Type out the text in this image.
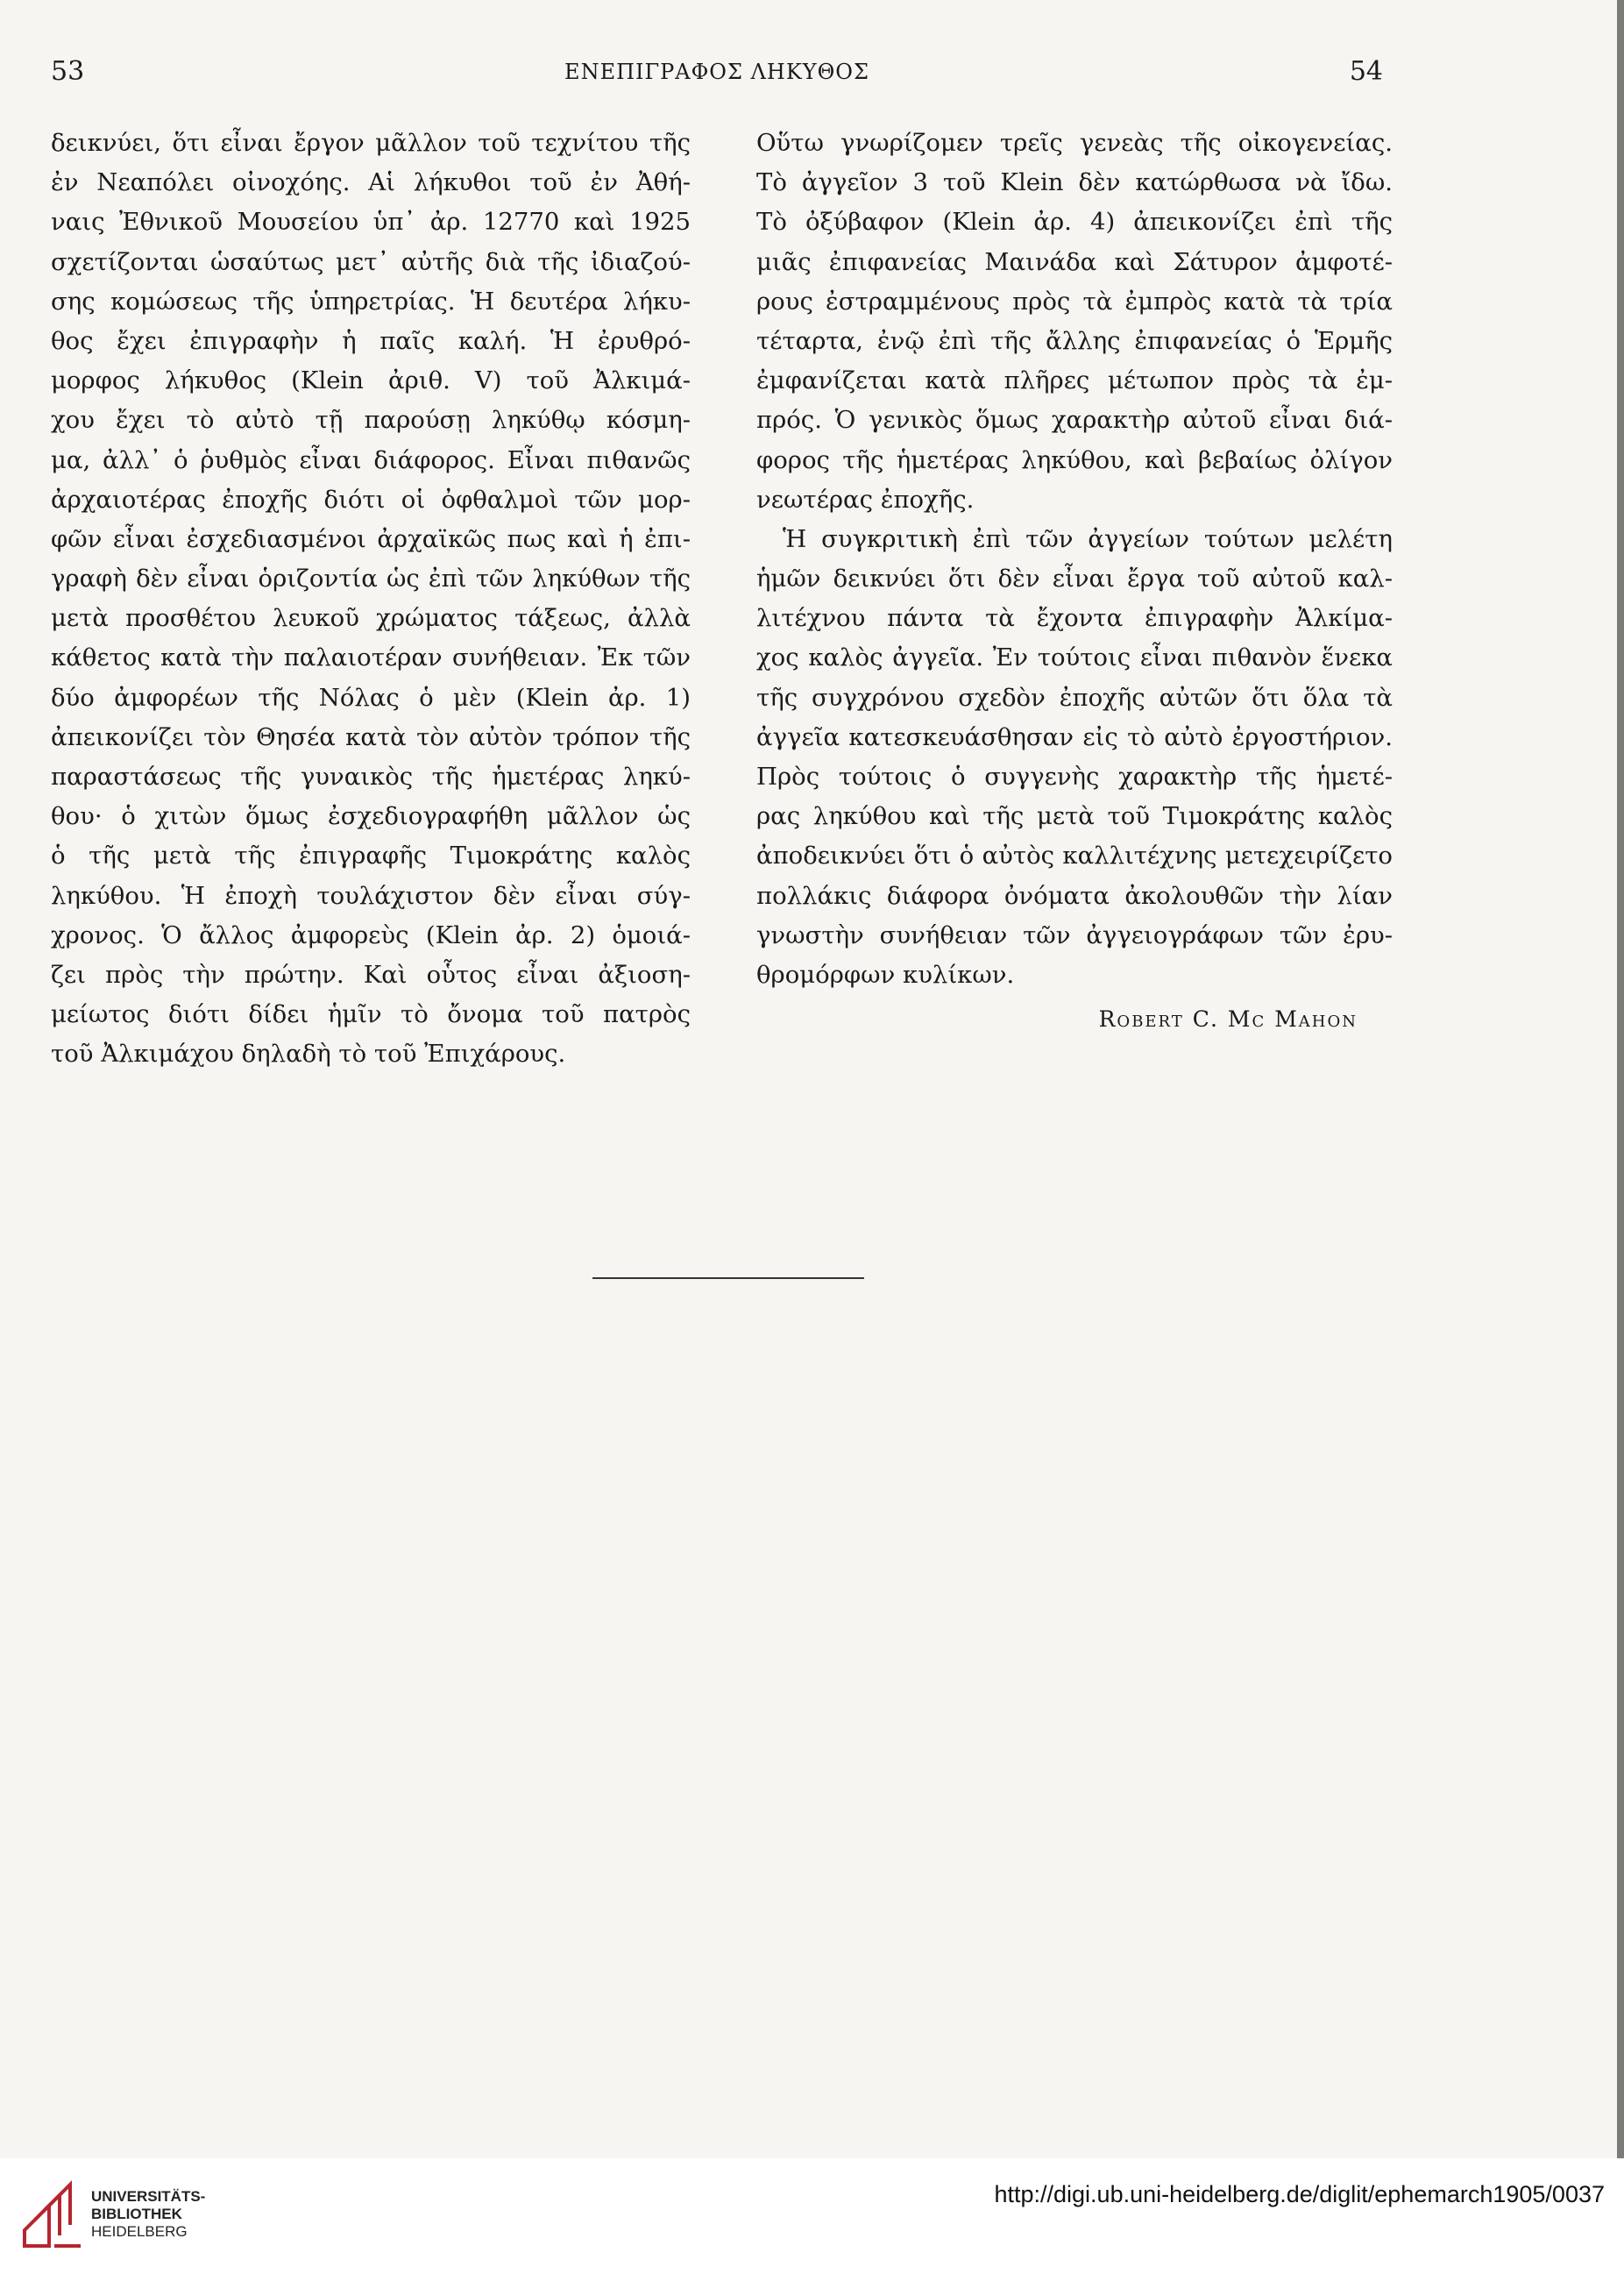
53	ΕΝΕΠΙΓΡΑΦΟΣ ΛΗΚΥΘΟΣ	54
δεικνύει, ὅτι εἶναι ἔργον μᾶλλον τοῦ τεχνίτου τῆς
ἐν Νεαπόλει οἰνοχόης. Αἱ λήκυθοι τοῦ ἐν Ἀθή-
ναις Ἐθνικοῦ Μουσείου ὑπ᾽ ἀρ. 12770 καὶ 1925
σχετίζονται ὡσαύτως μετ᾽ αὐτῆς διὰ τῆς ἰδιαζού-
σης κομώσεως τῆς ὑπηρετρίας. Ἡ δευτέρα λήκυ-
θος ἔχει ἐπιγραφὴν ἡ παῖς καλή. Ἡ ἐρυθρό-
μορφος λήκυθος (Klein ἀριθ. V) τοῦ Ἀλκιμά-
χου ἔχει τὸ αὐτὸ τῇ παρούσῃ ληκύθῳ κόσμη-
μα, ἀλλ᾽ ὁ ῥυθμὸς εἶναι διάφορος. Εἶναι πιθανῶς
ἀρχαιοτέρας ἐποχῆς διότι οἱ ὀφθαλμοὶ τῶν μορ-
φῶν εἶναι ἐσχεδιασμένοι ἀρχαϊκῶς πως καὶ ἡ ἐπι-
γραφὴ δὲν εἶναι ὁριζοντία ὡς ἐπὶ τῶν ληκύθων τῆς
μετὰ προσθέτου λευκοῦ χρώματος τάξεως, ἀλλὰ
κάθετος κατὰ τὴν παλαιοτέραν συνήθειαν. Ἐκ τῶν
δύο ἀμφορέων τῆς Νόλας ὁ μὲν (Klein ἀρ. 1)
ἀπεικονίζει τὸν Θησέα κατὰ τὸν αὐτὸν τρόπον τῆς
παραστάσεως τῆς γυναικὸς τῆς ἡμετέρας ληκύ-
θου· ὁ χιτὼν ὅμως ἐσχεδιογραφήθη μᾶλλον ὡς
ὁ τῆς μετὰ τῆς ἐπιγραφῆς Τιμοκράτης καλὸς
ληκύθου. Ἡ ἐποχὴ τουλάχιστον δὲν εἶναι σύγ-
χρονος. Ὁ ἄλλος ἀμφορεὺς (Klein ἀρ. 2) ὁμοιά-
ζει πρὸς τὴν πρώτην. Καὶ οὗτος εἶναι ἀξιοση-
μείωτος διότι δίδει ἡμῖν τὸ ὄνομα τοῦ πατρὸς
τοῦ Ἀλκιμάχου δηλαδὴ τὸ τοῦ Ἐπιχάρους.
Οὕτω γνωρίζομεν τρεῖς γενεὰς τῆς οἰκογενείας.
Τὸ ἀγγεῖον 3 τοῦ Klein δὲν κατώρθωσα νὰ ἴδω.
Τὸ ὀξύβαφον (Klein ἀρ. 4) ἀπεικονίζει ἐπὶ τῆς
μιᾶς ἐπιφανείας Μαινάδα καὶ Σάτυρον ἀμφοτέ-
ρους ἐστραμμένους πρὸς τὰ ἐμπρὸς κατὰ τὰ τρία
τέταρτα, ἐνῷ ἐπὶ τῆς ἄλλης ἐπιφανείας ὁ Ἑρμῆς
ἐμφανίζεται κατὰ πλῆρες μέτωπον πρὸς τὰ ἐμ-
πρός. Ὁ γενικὸς ὅμως χαρακτὴρ αὐτοῦ εἶναι διά-
φορος τῆς ἡμετέρας ληκύθου, καὶ βεβαίως ὀλίγον
νεωτέρας ἐποχῆς.
Ἡ συγκριτικὴ ἐπὶ τῶν ἀγγείων τούτων μελέτη
ἡμῶν δεικνύει ὅτι δὲν εἶναι ἔργα τοῦ αὐτοῦ καλ-
λιτέχνου πάντα τὰ ἔχοντα ἐπιγραφὴν Ἀλκίμα-
χος καλὸς ἀγγεῖα. Ἐν τούτοις εἶναι πιθανὸν ἕνεκα
τῆς συγχρόνου σχεδὸν ἐποχῆς αὐτῶν ὅτι ὅλα τὰ
ἀγγεῖα κατεσκευάσθησαν εἰς τὸ αὐτὸ ἐργοστήριον.
Πρὸς τούτοις ὁ συγγενὴς χαρακτὴρ τῆς ἡμετέ-
ρας ληκύθου καὶ τῆς μετὰ τοῦ Τιμοκράτης καλὸς
ἀποδεικνύει ὅτι ὁ αὐτὸς καλλιτέχνης μετεχειρίζετο
πολλάκις διάφορα ὀνόματα ἀκολουθῶν τὴν λίαν
γνωστὴν συνήθειαν τῶν ἀγγειογράφων τῶν ἐρυ-
θρομόρφων κυλίκων.
Robert C. Mc Mahon
UNIVERSITÄTS-
BIBLIOTHEK
HEIDELBERG
http://digi.ub.uni-heidelberg.de/diglit/ephemarch1905/0037
